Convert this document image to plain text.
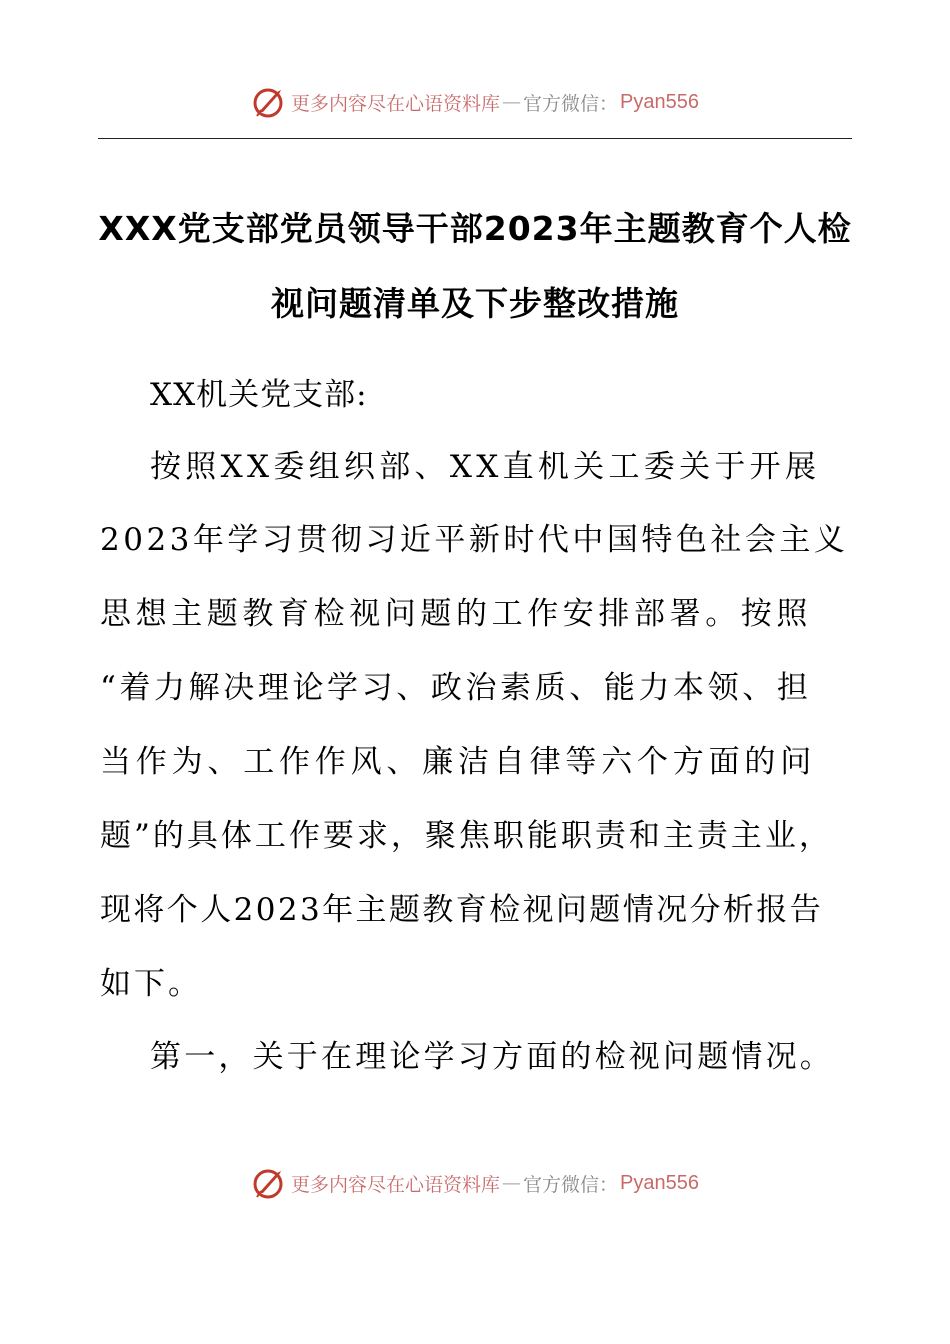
更多内容尽在心语资料库 — 官方微信： Pyan556
XXX党支部党员领导干部2023年主题教育个人检
视问题清单及下步整改措施
XX机关党支部:
按照XX委组织部、XX直机关工委关于开展
2023年学习贯彻习近平新时代中国特色社会主义
思想主题教育检视问题的工作安排部署。按照
“着力解决理论学习、政治素质、能力本领、担
当作为、工作作风、廉洁自律等六个方面的问
题”的具体工作要求，聚焦职能职责和主责主业，
现将个人2023年主题教育检视问题情况分析报告
如下。
第一，关于在理论学习方面的检视问题情况。
更多内容尽在心语资料库 — 官方微信： Pyan556
